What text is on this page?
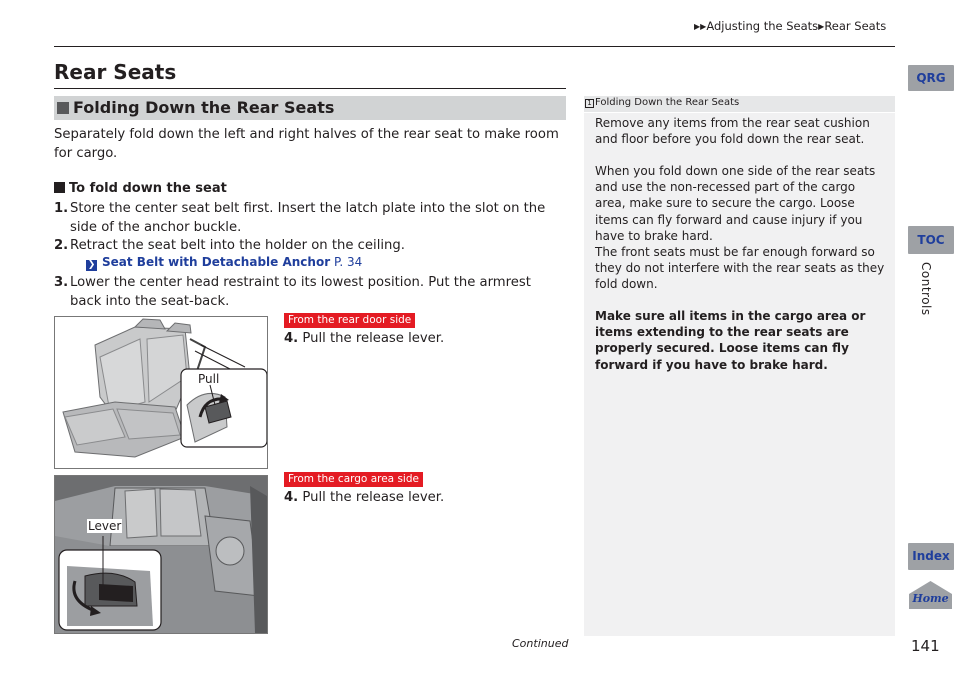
▶▶Adjusting the Seats▶Rear Seats
Rear Seats
Folding Down the Rear Seats
Separately fold down the left and right halves of the rear seat to make room for cargo.
To fold down the seat
1. Store the center seat belt first. Insert the latch plate into the slot on the side of the anchor buckle.
2. Retract the seat belt into the holder on the ceiling.
❯ Seat Belt with Detachable Anchor P. 34
3. Lower the center head restraint to its lowest position. Put the armrest back into the seat-back.
Pull
From the rear door side
4. Pull the release lever.
Lever
From the cargo area side
4. Pull the release lever.
1 Folding Down the Rear Seats
Remove any items from the rear seat cushion and floor before you fold down the rear seat.
When you fold down one side of the rear seats and use the non-recessed part of the cargo area, make sure to secure the cargo. Loose items can fly forward and cause injury if you have to brake hard.
The front seats must be far enough forward so they do not interfere with the rear seats as they fold down.
Make sure all items in the cargo area or items extending to the rear seats are properly secured. Loose items can fly forward if you have to brake hard.
Continued	141
QRG
TOC
Controls
Index
Home
